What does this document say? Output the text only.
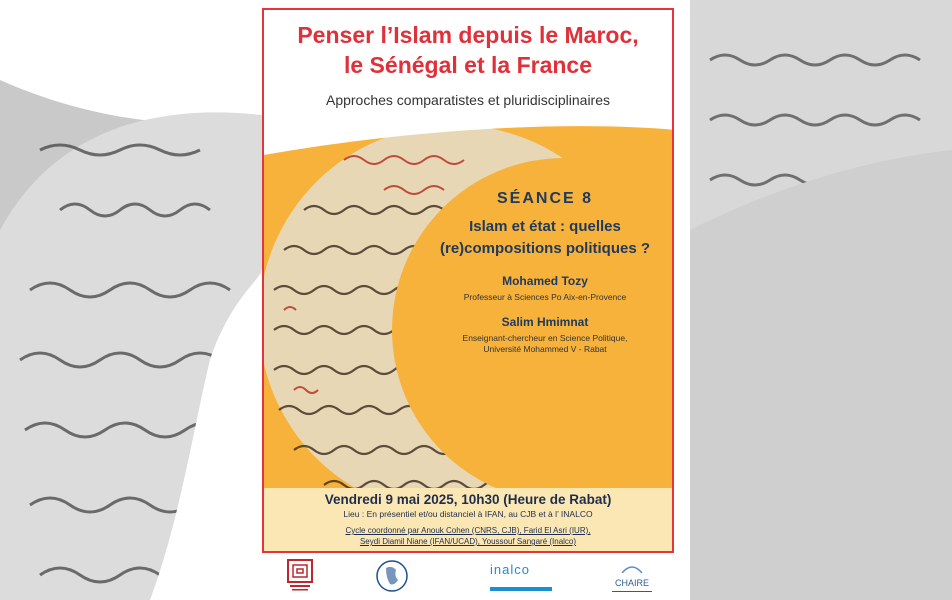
Penser l’Islam depuis le Maroc,
le Sénégal et la France
Approches comparatistes et pluridisciplinaires
SÉANCE 8
Islam et état : quelles
(re)compositions politiques ?
Mohamed Tozy
Professeur à Sciences Po Aix-en-Provence
Salim Hmimnat
Enseignant-chercheur en Science Politique,
Université Mohammed V - Rabat
Vendredi 9 mai 2025, 10h30 (Heure de Rabat)
Lieu : En présentiel et/ou distanciel à IFAN, au CJB et à l’ INALCO
Cycle coordonné par Anouk Cohen (CNRS, CJB), Farid El Asri (IUR),
Seydi Diamil Niane (IFAN/UCAD), Youssouf Sangaré (Inalco)
inalco
CHAIRE
